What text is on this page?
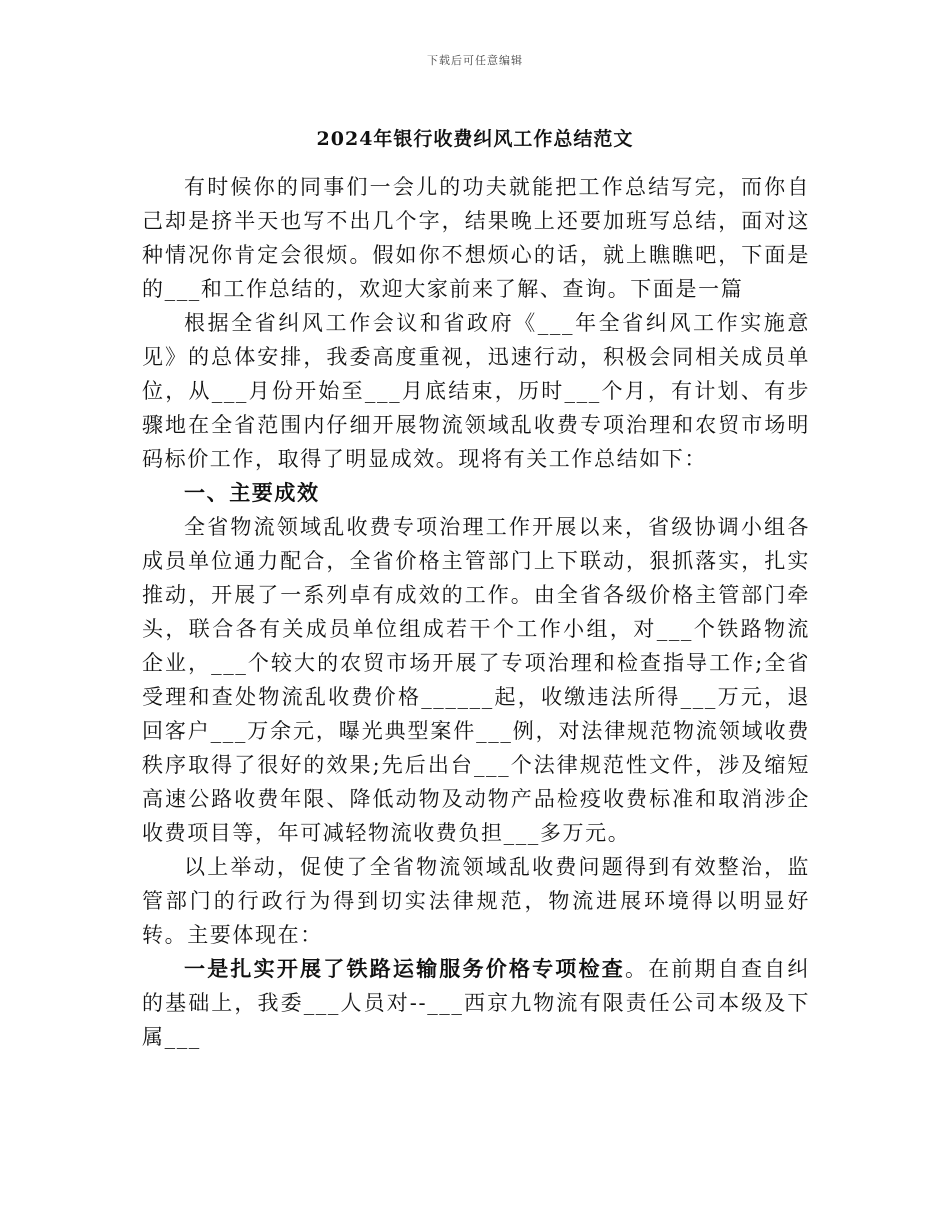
下载后可任意编辑
2024年银行收费纠风工作总结范文

有时候你的同事们一会儿的功夫就能把工作总结写完，而你自己却是挤半天也写不出几个字，结果晚上还要加班写总结，面对这种情况你肯定会很烦。假如你不想烦心的话，就上瞧瞧吧，下面是的___和工作总结的，欢迎大家前来了解、查询。下面是一篇

根据全省纠风工作会议和省政府《___年全省纠风工作实施意见》的总体安排，我委高度重视，迅速行动，积极会同相关成员单位，从___月份开始至___月底结束，历时___个月，有计划、有步骤地在全省范围内仔细开展物流领域乱收费专项治理和农贸市场明码标价工作，取得了明显成效。现将有关工作总结如下：

一、主要成效

全省物流领域乱收费专项治理工作开展以来，省级协调小组各成员单位通力配合，全省价格主管部门上下联动，狠抓落实，扎实推动，开展了一系列卓有成效的工作。由全省各级价格主管部门牵头，联合各有关成员单位组成若干个工作小组，对___个铁路物流企业，___个较大的农贸市场开展了专项治理和检查指导工作;全省受理和查处物流乱收费价格______起，收缴违法所得___万元，退回客户___万余元，曝光典型案件___例，对法律规范物流领域收费秩序取得了很好的效果;先后出台___个法律规范性文件，涉及缩短高速公路收费年限、降低动物及动物产品检疫收费标准和取消涉企收费项目等，年可减轻物流收费负担___多万元。

以上举动，促使了全省物流领域乱收费问题得到有效整治，监管部门的行政行为得到切实法律规范，物流进展环境得以明显好转。主要体现在：

一是扎实开展了铁路运输服务价格专项检查。在前期自查自纠的基础上，我委___人员对--___西京九物流有限责任公司本级及下属___
